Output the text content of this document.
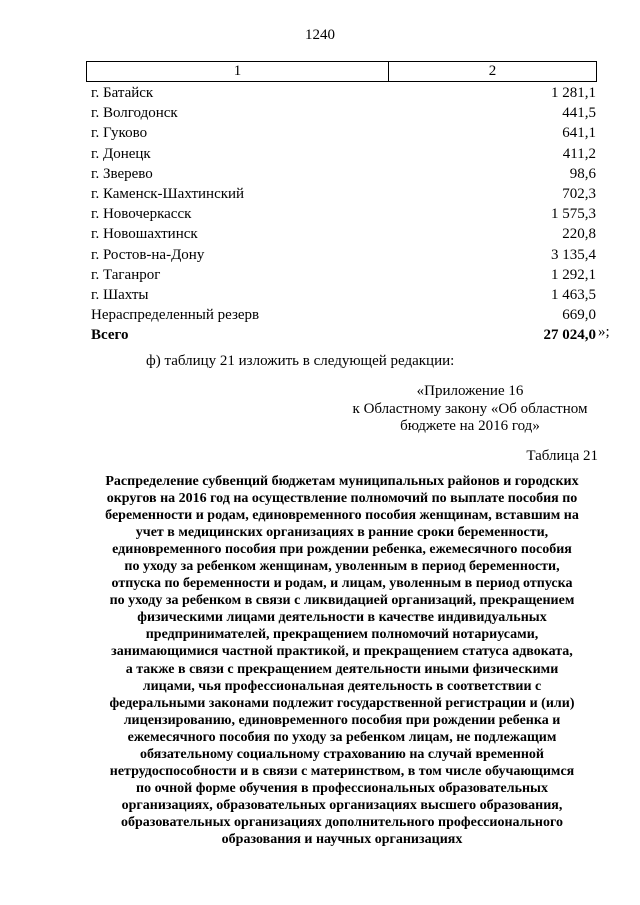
1240
1	2
г. Батайск	1 281,1
г. Волгодонск	441,5
г. Гуково	641,1
г. Донецк	411,2
г. Зверево	98,6
г. Каменск-Шахтинский	702,3
г. Новочеркасск	1 575,3
г. Новошахтинск	220,8
г. Ростов-на-Дону	3 135,4
г. Таганрог	1 292,1
г. Шахты	1 463,5
Нераспределенный резерв	669,0
Всего	27 024,0 »;
ф) таблицу 21 изложить в следующей редакции:
«Приложение 16
к Областному закону «Об областном
бюджете на 2016 год»
Таблица 21
Распределение субвенций бюджетам муниципальных районов и городских
округов на 2016 год на осуществление полномочий по выплате пособия по
беременности и родам, единовременного пособия женщинам, вставшим на
учет в медицинских организациях в ранние сроки беременности,
единовременного пособия при рождении ребенка, ежемесячного пособия
по уходу за ребенком женщинам, уволенным в период беременности,
отпуска по беременности и родам, и лицам, уволенным в период отпуска
по уходу за ребенком в связи с ликвидацией организаций, прекращением
физическими лицами деятельности в качестве индивидуальных
предпринимателей, прекращением полномочий нотариусами,
занимающимися частной практикой, и прекращением статуса адвоката,
а также в связи с прекращением деятельности иными физическими
лицами, чья профессиональная деятельность в соответствии с
федеральными законами подлежит государственной регистрации и (или)
лицензированию, единовременного пособия при рождении ребенка и
ежемесячного пособия по уходу за ребенком лицам, не подлежащим
обязательному социальному страхованию на случай временной
нетрудоспособности и в связи с материнством, в том числе обучающимся
по очной форме обучения в профессиональных образовательных
организациях, образовательных организациях высшего образования,
образовательных организациях дополнительного профессионального
образования и научных организациях
